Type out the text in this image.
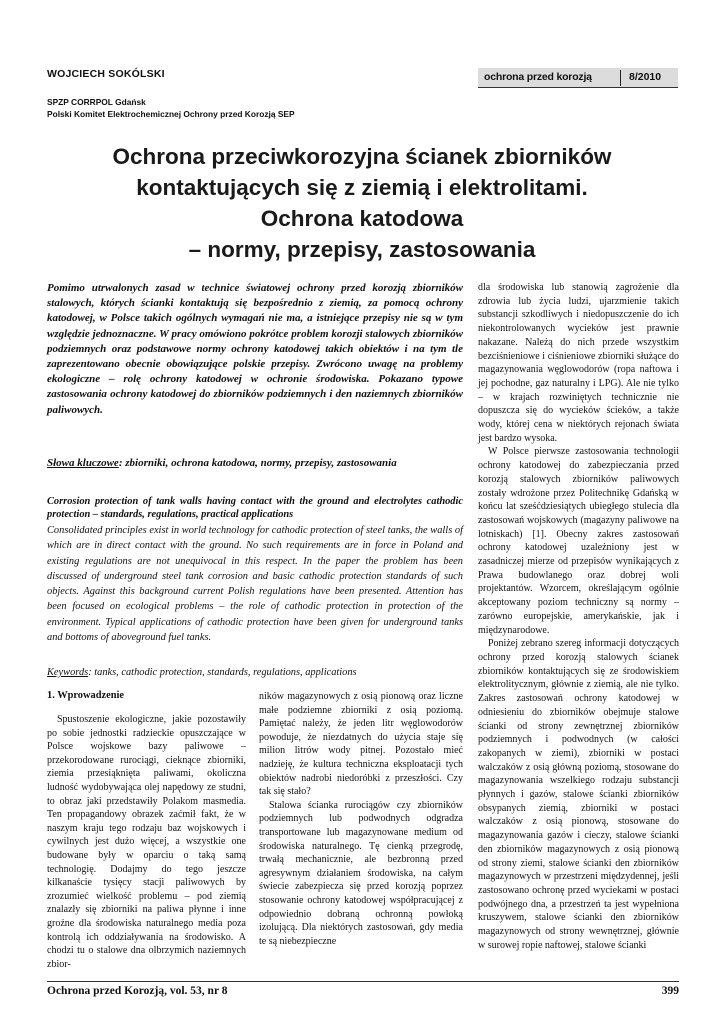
WOJCIECH SOKÓLSKI
SPZP CORRPOL Gdańsk
Polski Komitet Elektrochemicznej Ochrony przed Korozją SEP
ochrona przed korozją	8/2010
Ochrona przeciwkorozyjna ścianek zbiorników
kontaktujących się z ziemią i elektrolitami.
Ochrona katodowa
– normy, przepisy, zastosowania
Pomimo utrwalonych zasad w technice światowej ochrony przed korozją zbiorników stalowych, których ścianki kontaktują się bezpośrednio z ziemią, za pomocą ochrony katodowej, w Polsce takich ogólnych wymagań nie ma, a istniejące przepisy nie są w tym względzie jednoznaczne. W pracy omówiono pokrótce problem korozji stalowych zbiorników podziemnych oraz podstawowe normy ochrony katodowej takich obiektów i na tym tle zaprezentowano obecnie obowiązujące polskie przepisy. Zwrócono uwagę na problemy ekologiczne – rolę ochrony katodowej w ochronie środowiska. Pokazano typowe zastosowania ochrony katodowej do zbiorników podziemnych i den naziemnych zbiorników paliwowych.
Słowa kluczowe: zbiorniki, ochrona katodowa, normy, przepisy, zastosowania
Corrosion protection of tank walls having contact with the ground and electrolytes cathodic protection – standards, regulations, practical applications
Consolidated principles exist in world technology for cathodic protection of steel tanks, the walls of which are in direct contact with the ground. No such requirements are in force in Poland and existing regulations are not unequivocal in this respect. In the paper the problem has been discussed of underground steel tank corrosion and basic cathodic protection standards of such objects. Against this background current Polish regulations have been presented. Attention has been focused on ecological problems – the role of cathodic protection in protection of the environment. Typical applications of cathodic protection have been given for underground tanks and bottoms of aboveground fuel tanks.
Keywords: tanks, cathodic protection, standards, regulations, applications
1. Wprowadzenie
Spustoszenie ekologiczne, jakie pozostawiły po sobie jednostki radzieckie opuszczające w Polsce wojskowe bazy paliwowe – przekorodowane rurociągi, cieknące zbiorniki, ziemia przesiąknięta paliwami, okoliczna ludność wydobywająca olej napędowy ze studni, to obraz jaki przedstawiły Polakom masmedia. Ten propagandowy obrazek zaćmił fakt, że w naszym kraju tego rodzaju baz wojskowych i cywilnych jest dużo więcej, a wszystkie one budowane były w oparciu o taką samą technologię. Dodajmy do tego jeszcze kilkanaście tysięcy stacji paliwowych by zrozumieć wielkość problemu – pod ziemią znalazły się zbiorniki na paliwa płynne i inne groźne dla środowiska naturalnego media poza kontrolą ich oddziaływania na środowisko. A chodzi tu o stalowe dna olbrzymich naziemnych zbior-

ników magazynowych z osią pionową oraz liczne małe podziemne zbiorniki z osią poziomą. Pamiętać należy, że jeden litr węglowodorów powoduje, że niezdatnych do użycia staje się milion litrów wody pitnej. Pozostało mieć nadzieję, że kultura techniczna eksploatacji tych obiektów nadrobi niedoróbki z przeszłości. Czy tak się stało?

Stalowa ścianka rurociągów czy zbiorników podziemnych lub podwodnych odgradza transportowane lub magazynowane medium od środowiska naturalnego. Tę cienką przegrodę, trwałą mechanicznie, ale bezbronną przed agresywnym działaniem środowiska, na całym świecie zabezpiecza się przed korozją poprzez stosowanie ochrony katodowej współpracującej z odpowiednio dobraną ochronną powłoką izolującą. Dla niektórych zastosowań, gdy media te są niebezpieczne

dla środowiska lub stanowią zagrożenie dla zdrowia lub życia ludzi, ujarzmienie takich substancji szkodliwych i niedopuszczenie do ich niekontrolowanych wycieków jest prawnie nakazane. Należą do nich przede wszystkim bezciśnieniowe i ciśnieniowe zbiorniki służące do magazynowania węglowodorów (ropa naftowa i jej pochodne, gaz naturalny i LPG). Ale nie tylko – w krajach rozwiniętych technicznie nie dopuszcza się do wycieków ścieków, a także wody, której cena w niektórych rejonach świata jest bardzo wysoka.

W Polsce pierwsze zastosowania technologii ochrony katodowej do zabezpieczania przed korozją stalowych zbiorników paliwowych zostały wdrożone przez Politechnikę Gdańską w końcu lat sześćdziesiątych ubiegłego stulecia dla zastosowań wojskowych (magazyny paliwowe na lotniskach) [1]. Obecny zakres zastosowań ochrony katodowej uzależniony jest w zasadniczej mierze od przepisów wynikających z Prawa budowlanego oraz dobrej woli projektantów. Wzorcem, określającym ogólnie akceptowany poziom techniczny są normy – zarówno europejskie, amerykańskie, jak i międzynarodowe.

Poniżej zebrano szereg informacji dotyczących ochrony przed korozją stalowych ścianek zbiorników kontaktujących się ze środowiskiem elektrolitycznym, głównie z ziemią, ale nie tylko. Zakres zastosowań ochrony katodowej w odniesieniu do zbiorników obejmuje stalowe ścianki od strony zewnętrznej zbiorników podziemnych i podwodnych (w całości zakopanych w ziemi), zbiorniki w postaci walczaków z osią główną poziomą, stosowane do magazynowania wszelkiego rodzaju substancji płynnych i gazów, stalowe ścianki zbiorników obsypanych ziemią, zbiorniki w postaci walczaków z osią pionową, stosowane do magazynowania gazów i cieczy, stalowe ścianki den zbiorników magazynowych z osią pionową od strony ziemi, stalowe ścianki den zbiorników magazynowych w przestrzeni międzydennej, jeśli zastosowano ochronę przed wyciekami w postaci podwójnego dna, a przestrzeń ta jest wypełniona kruszywem, stalowe ścianki den zbiorników magazynowych od strony wewnętrznej, głównie w surowej ropie naftowej, stalowe ścianki

Ochrona przed Korozją, vol. 53, nr 8	399
